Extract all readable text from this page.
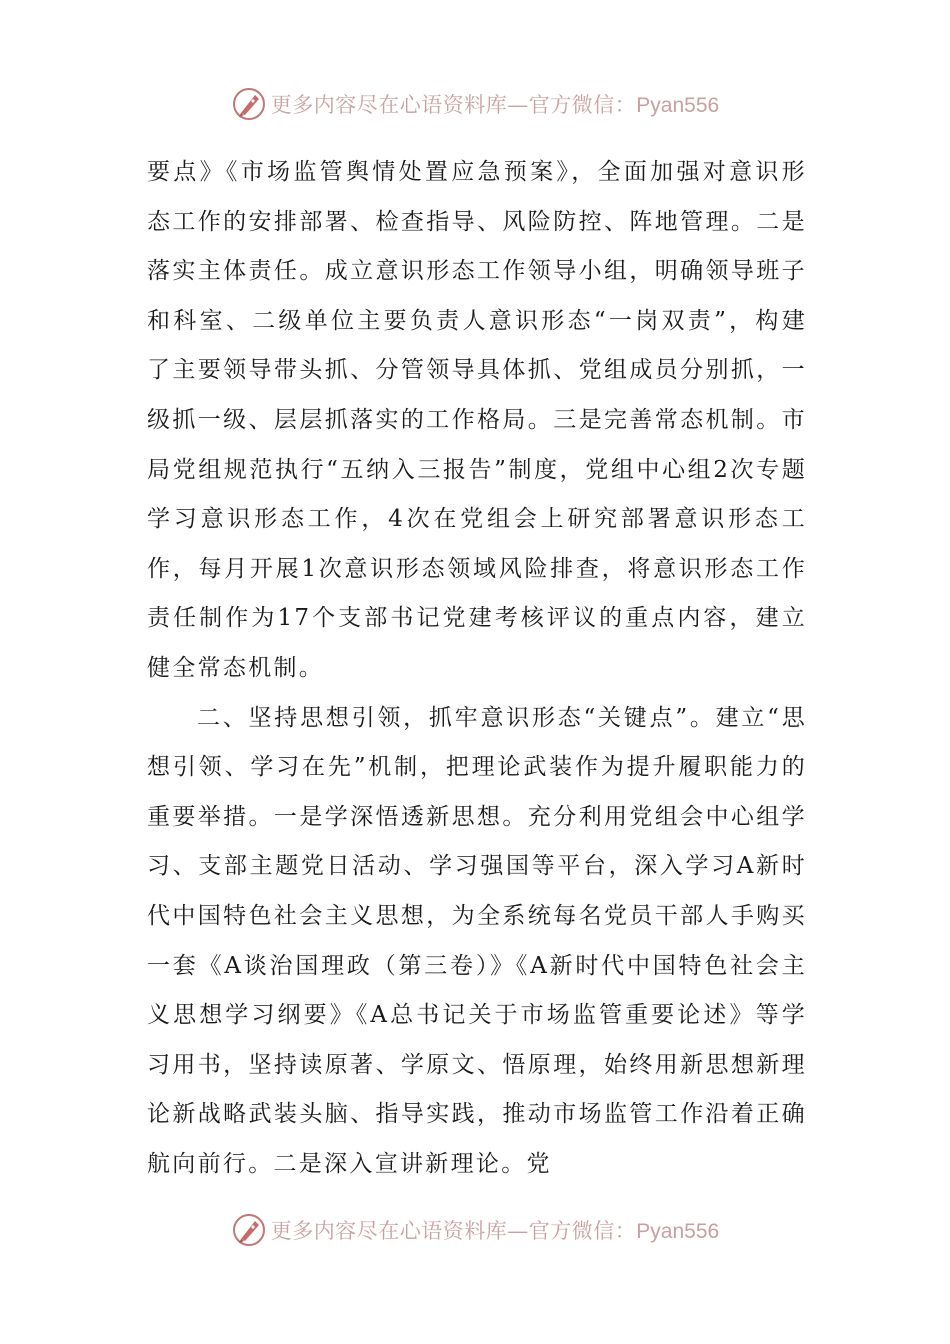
更多内容尽在心语资料库—官方微信：Pyan556

要点》《市场监管舆情处置应急预案》，全面加强对意识形态工作的安排部署、检查指导、风险防控、阵地管理。二是落实主体责任。成立意识形态工作领导小组，明确领导班子和科室、二级单位主要负责人意识形态“一岗双责”，构建了主要领导带头抓、分管领导具体抓、党组成员分别抓，一级抓一级、层层抓落实的工作格局。三是完善常态机制。市局党组规范执行“五纳入三报告”制度，党组中心组2次专题学习意识形态工作，4次在党组会上研究部署意识形态工作，每月开展1次意识形态领域风险排查，将意识形态工作责任制作为17个支部书记党建考核评议的重点内容，建立健全常态机制。

二、坚持思想引领，抓牢意识形态“关键点”。建立“思想引领、学习在先”机制，把理论武装作为提升履职能力的重要举措。一是学深悟透新思想。充分利用党组会中心组学习、支部主题党日活动、学习强国等平台，深入学习A新时代中国特色社会主义思想，为全系统每名党员干部人手购买一套《A谈治国理政（第三卷）》《A新时代中国特色社会主义思想学习纲要》《A总书记关于市场监管重要论述》等学习用书，坚持读原著、学原文、悟原理，始终用新思想新理论新战略武装头脑、指导实践，推动市场监管工作沿着正确航向前行。二是深入宣讲新理论。党

更多内容尽在心语资料库—官方微信：Pyan556
